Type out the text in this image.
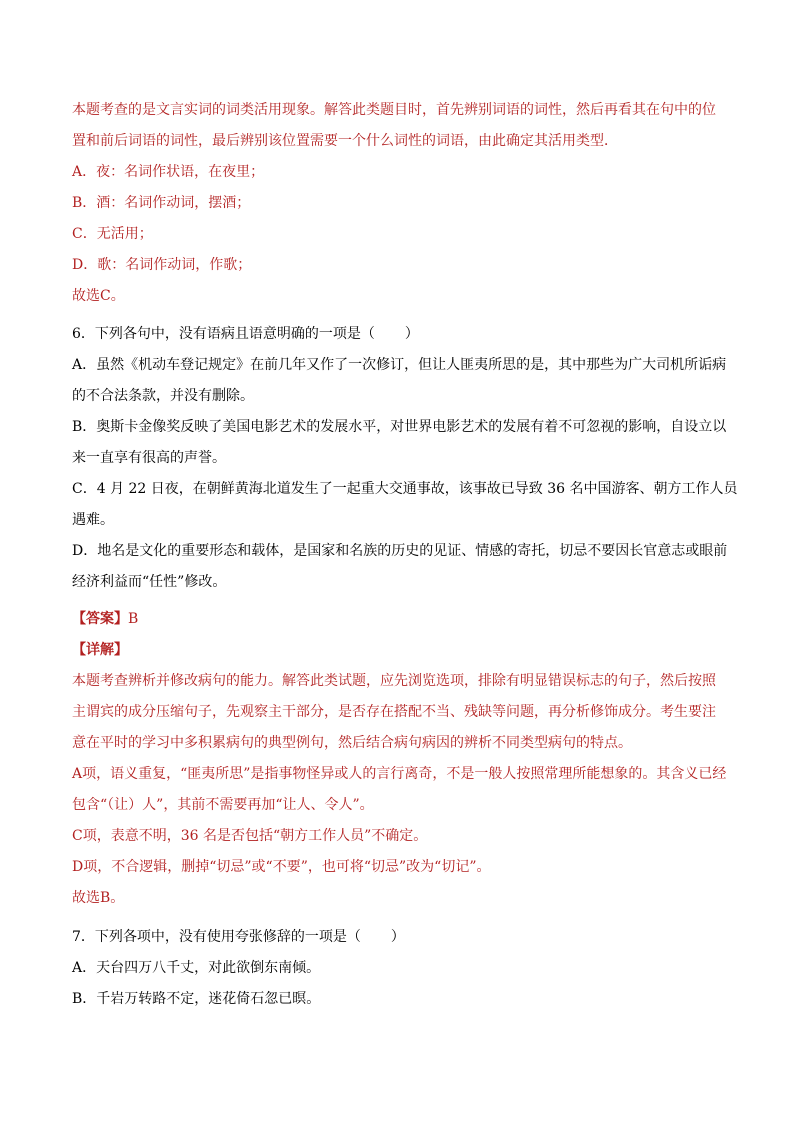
本题考查的是文言实词的词类活用现象。解答此类题目时，首先辨别词语的词性，然后再看其在句中的位
置和前后词语的词性，最后辨别该位置需要一个什么词性的词语，由此确定其活用类型．
A．夜：名词作状语，在夜里；
B．酒：名词作动词，摆酒；
C．无活用；
D．歌：名词作动词，作歌；
故选C。
6．下列各句中，没有语病且语意明确的一项是（ ）
A．虽然《机动车登记规定》在前几年又作了一次修订，但让人匪夷所思的是，其中那些为广大司机所诟病
的不合法条款，并没有删除。
B．奥斯卡金像奖反映了美国电影艺术的发展水平，对世界电影艺术的发展有着不可忽视的影响，自设立以
来一直享有很高的声誉。
C．4 月 22 日夜，在朝鲜黄海北道发生了一起重大交通事故，该事故已导致 36 名中国游客、朝方工作人员
遇难。
D．地名是文化的重要形态和载体，是国家和名族的历史的见证、情感的寄托，切忌不要因长官意志或眼前
经济利益而“任性”修改。
【答案】B
【详解】
本题考查辨析并修改病句的能力。解答此类试题，应先浏览选项，排除有明显错误标志的句子，然后按照
主谓宾的成分压缩句子，先观察主干部分，是否存在搭配不当、残缺等问题，再分析修饰成分。考生要注
意在平时的学习中多积累病句的典型例句，然后结合病句病因的辨析不同类型病句的特点。
A项，语义重复，“匪夷所思”是指事物怪异或人的言行离奇，不是一般人按照常理所能想象的。其含义已经
包含“（让）人”，其前不需要再加“让人、令人”。
C项，表意不明，36 名是否包括“朝方工作人员”不确定。
D项，不合逻辑，删掉“切忌”或“不要”，也可将“切忌”改为“切记”。
故选B。
7．下列各项中，没有使用夸张修辞的一项是（ ）
A．天台四万八千丈，对此欲倒东南倾。
B．千岩万转路不定，迷花倚石忽已暝。
